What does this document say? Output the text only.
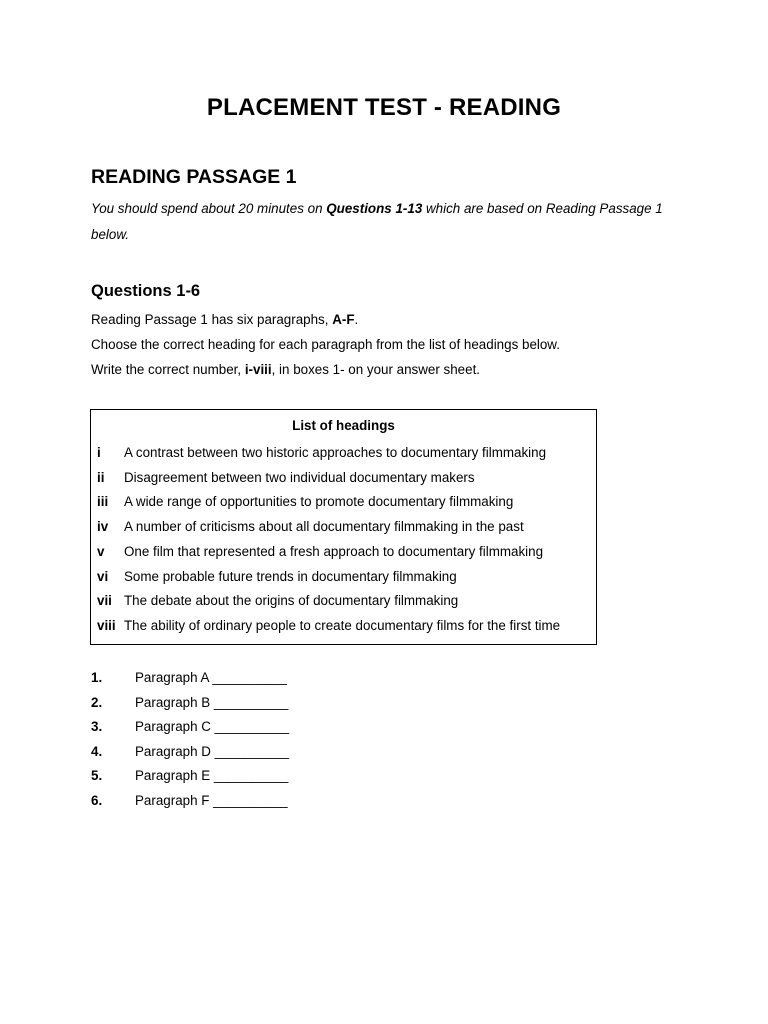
PLACEMENT TEST - READING
READING PASSAGE 1
You should spend about 20 minutes on Questions 1-13 which are based on Reading Passage 1 below.
Questions 1-6
Reading Passage 1 has six paragraphs, A-F.
Choose the correct heading for each paragraph from the list of headings below.
Write the correct number, i-viii, in boxes 1- on your answer sheet.
List of headings
i A contrast between two historic approaches to documentary filmmaking
ii Disagreement between two individual documentary makers
iii A wide range of opportunities to promote documentary filmmaking
iv A number of criticisms about all documentary filmmaking in the past
v One film that represented a fresh approach to documentary filmmaking
vi Some probable future trends in documentary filmmaking
vii The debate about the origins of documentary filmmaking
viii The ability of ordinary people to create documentary films for the first time
1. Paragraph A __________
2. Paragraph B __________
3. Paragraph C __________
4. Paragraph D __________
5. Paragraph E __________
6. Paragraph F __________
